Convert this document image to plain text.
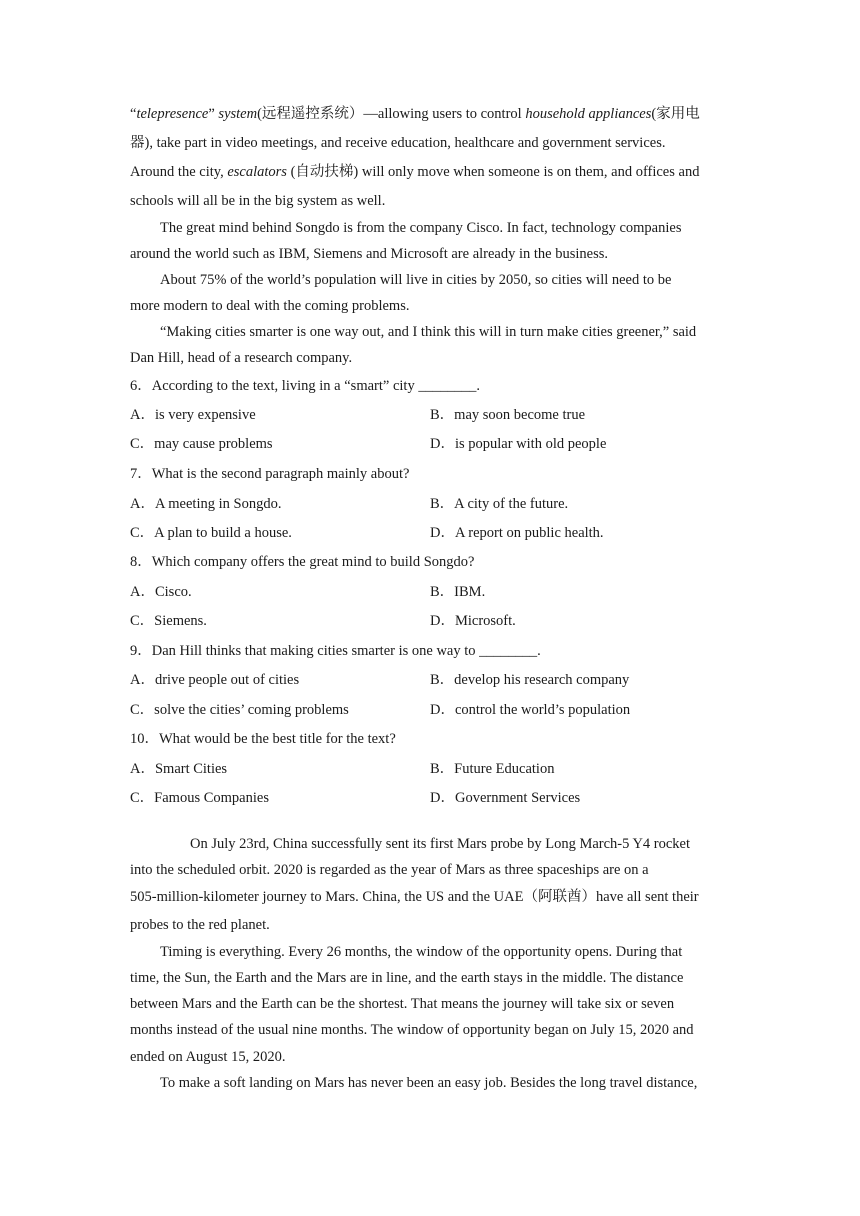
“telepresence” system(远程遥控系统）—allowing users to control household appliances(家用电
器), take part in video meetings, and receive education, healthcare and government services.
Around the city, escalators (自动扶梯) will only move when someone is on them, and offices and
schools will all be in the big system as well.
The great mind behind Songdo is from the company Cisco. In fact, technology companies
around the world such as IBM, Siemens and Microsoft are already in the business.
About 75% of the world’s population will live in cities by 2050, so cities will need to be
more modern to deal with the coming problems.
“Making cities smarter is one way out, and I think this will in turn make cities greener,” said
Dan Hill, head of a research company.
6．According to the text, living in a “smart” city ________.
A．is very expensive	B．may soon become true
C．may cause problems	D．is popular with old people
7．What is the second paragraph mainly about?
A．A meeting in Songdo.	B．A city of the future.
C．A plan to build a house.	D．A report on public health.
8．Which company offers the great mind to build Songdo?
A．Cisco.	B．IBM.
C．Siemens.	D．Microsoft.
9．Dan Hill thinks that making cities smarter is one way to ________.
A．drive people out of cities	B．develop his research company
C．solve the cities’ coming problems	D．control the world’s population
10．What would be the best title for the text?
A．Smart Cities	B．Future Education
C．Famous Companies	D．Government Services
On July 23rd, China successfully sent its first Mars probe by Long March-5 Y4 rocket
into the scheduled orbit. 2020 is regarded as the year of Mars as three spaceships are on a
505-million-kilometer journey to Mars. China, the US and the UAE（阿联酋）have all sent their
probes to the red planet.
Timing is everything. Every 26 months, the window of the opportunity opens. During that
time, the Sun, the Earth and the Mars are in line, and the earth stays in the middle. The distance
between Mars and the Earth can be the shortest. That means the journey will take six or seven
months instead of the usual nine months. The window of opportunity began on July 15, 2020 and
ended on August 15, 2020.
To make a soft landing on Mars has never been an easy job. Besides the long travel distance,
